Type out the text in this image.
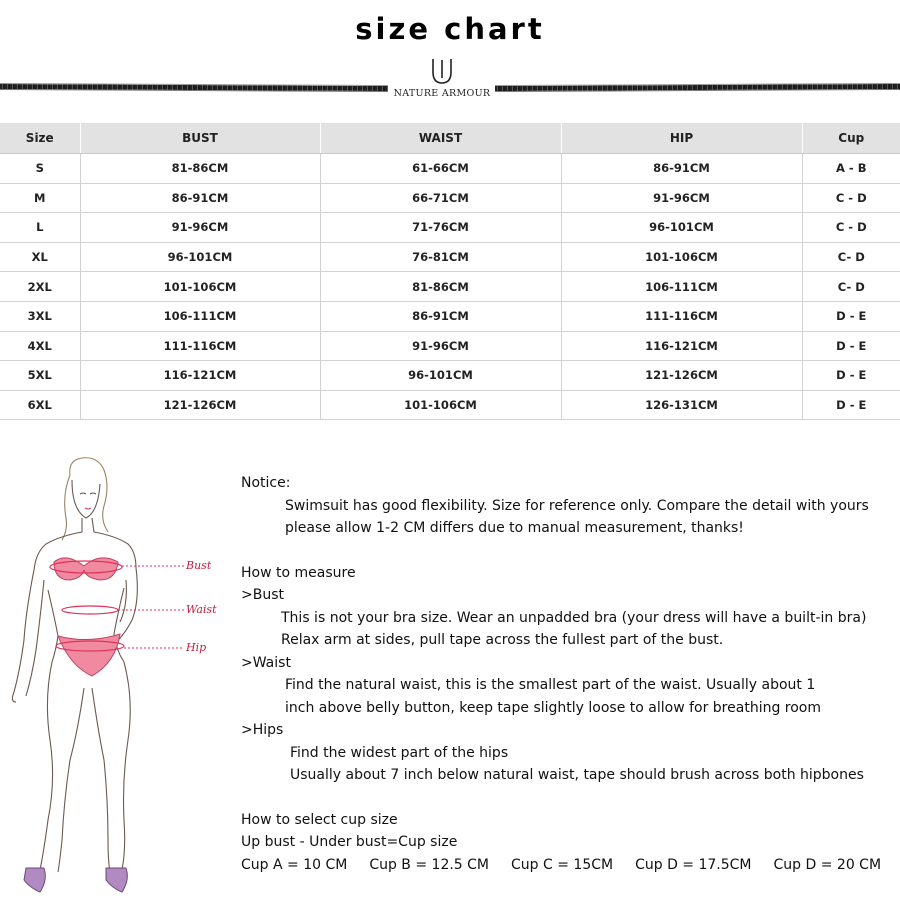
size chart
NATURE ARMOUR
Size	BUST	WAIST	HIP	Cup
S	81-86CM	61-66CM	86-91CM	A - B
M	86-91CM	66-71CM	91-96CM	C - D
L	91-96CM	71-76CM	96-101CM	C - D
XL	96-101CM	76-81CM	101-106CM	C- D
2XL	101-106CM	81-86CM	106-111CM	C- D
3XL	106-111CM	86-91CM	111-116CM	D - E
4XL	111-116CM	91-96CM	116-121CM	D - E
5XL	116-121CM	96-101CM	121-126CM	D - E
6XL	121-126CM	101-106CM	126-131CM	D - E
Bust
Waist
Hip
Notice:
Swimsuit has good flexibility. Size for reference only. Compare the detail with yours
please allow 1-2 CM differs due to manual measurement, thanks!
How to measure
>Bust
This is not your bra size. Wear an unpadded bra (your dress will have a built-in bra)
Relax arm at sides, pull tape across the fullest part of the bust.
>Waist
Find the natural waist, this is the smallest part of the waist. Usually about 1
inch above belly button, keep tape slightly loose to allow for breathing room
>Hips
Find the widest part of the hips
Usually about 7 inch below natural waist, tape should brush across both hipbones
How to select cup size
Up bust - Under bust=Cup size
Cup A = 10 CM Cup B = 12.5 CM Cup C = 15CM Cup D = 17.5CM Cup D = 20 CM
